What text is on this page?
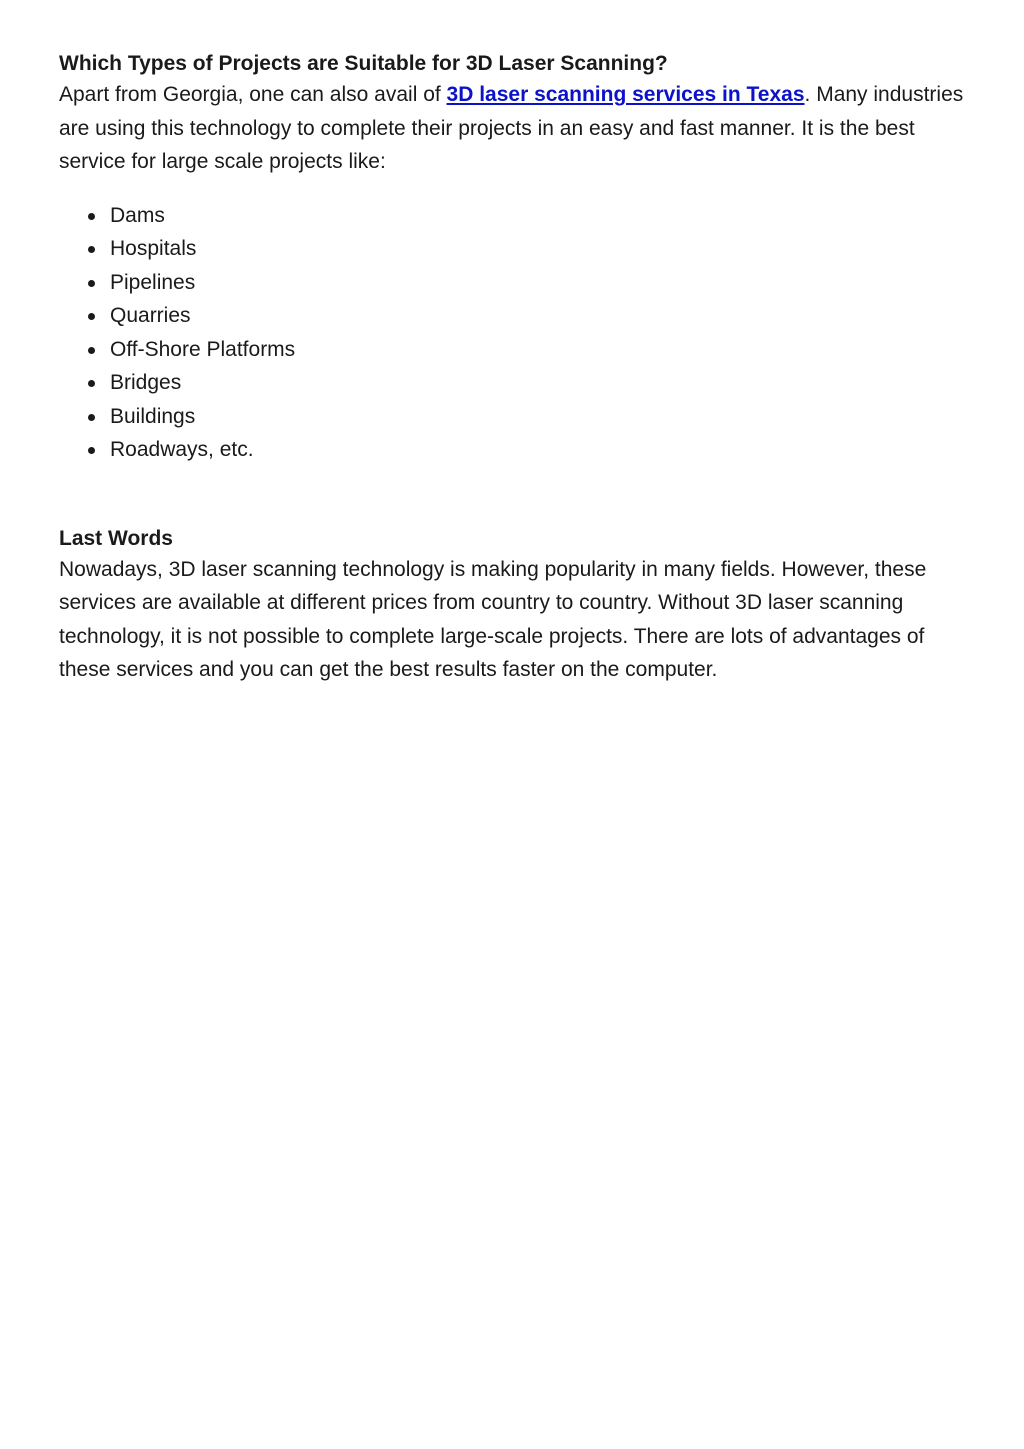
Which Types of Projects are Suitable for 3D Laser Scanning?

Apart from Georgia, one can also avail of 3D laser scanning services in Texas. Many industries are using this technology to complete their projects in an easy and fast manner. It is the best service for large scale projects like:

Dams
Hospitals
Pipelines
Quarries
Off-Shore Platforms
Bridges
Buildings
Roadways, etc.
Last Words

Nowadays, 3D laser scanning technology is making popularity in many fields. However, these services are available at different prices from country to country. Without 3D laser scanning technology, it is not possible to complete large-scale projects. There are lots of advantages of these services and you can get the best results faster on the computer.
